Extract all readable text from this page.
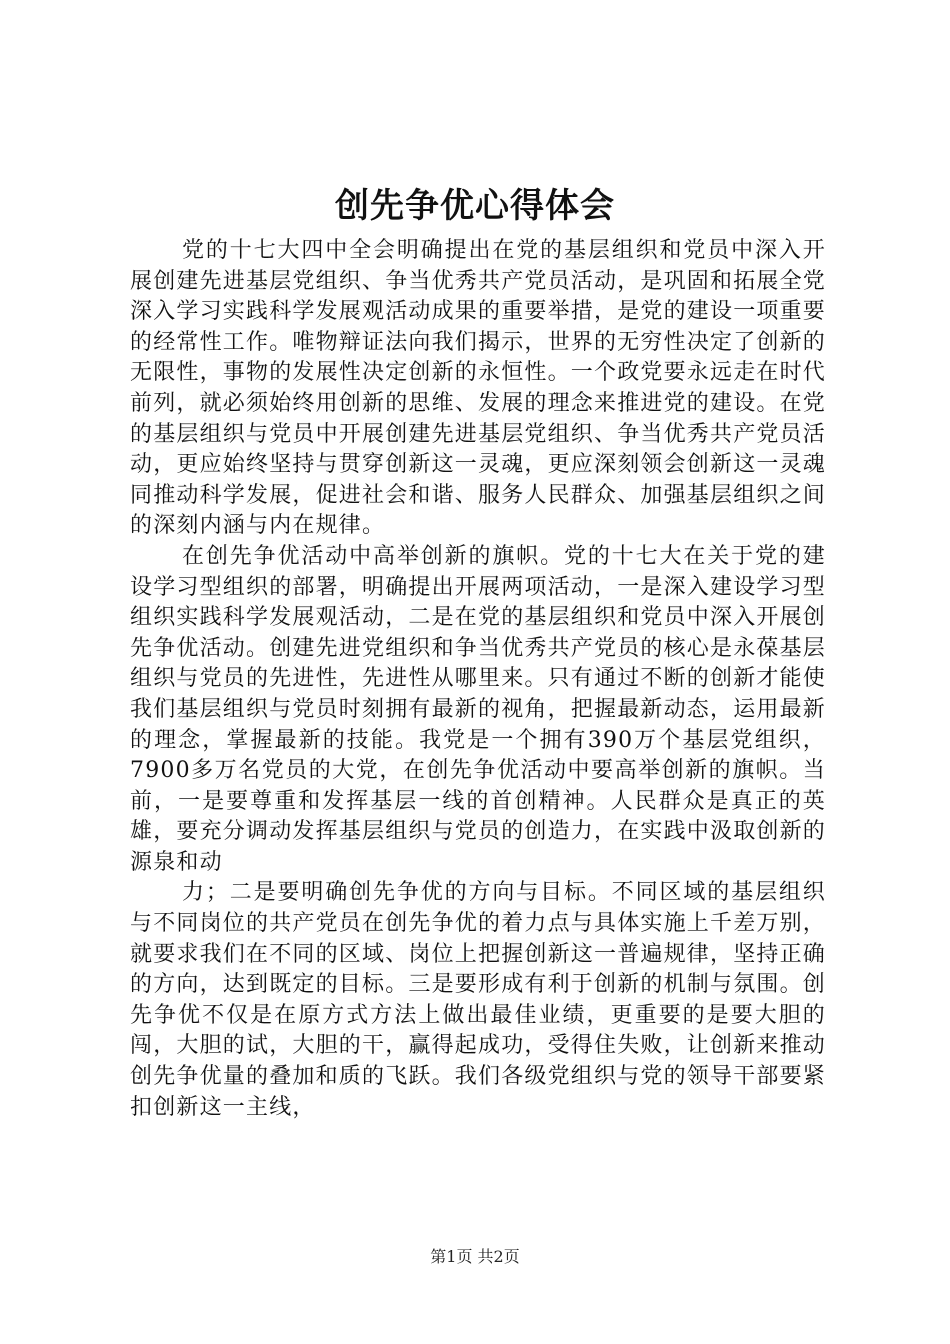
创先争优心得体会

党的十七大四中全会明确提出在党的基层组织和党员中深入开展创建先进基层党组织、争当优秀共产党员活动，是巩固和拓展全党深入学习实践科学发展观活动成果的重要举措，是党的建设一项重要的经常性工作。唯物辩证法向我们揭示，世界的无穷性决定了创新的无限性，事物的发展性决定创新的永恒性。一个政党要永远走在时代前列，就必须始终用创新的思维、发展的理念来推进党的建设。在党的基层组织与党员中开展创建先进基层党组织、争当优秀共产党员活动，更应始终坚持与贯穿创新这一灵魂，更应深刻领会创新这一灵魂同推动科学发展，促进社会和谐、服务人民群众、加强基层组织之间的深刻内涵与内在规律。

在创先争优活动中高举创新的旗帜。党的十七大在关于党的建设学习型组织的部署，明确提出开展两项活动，一是深入建设学习型组织实践科学发展观活动，二是在党的基层组织和党员中深入开展创先争优活动。创建先进党组织和争当优秀共产党员的核心是永葆基层组织与党员的先进性，先进性从哪里来。只有通过不断的创新才能使我们基层组织与党员时刻拥有最新的视角，把握最新动态，运用最新的理念，掌握最新的技能。我党是一个拥有390万个基层党组织，7900多万名党员的大党，在创先争优活动中要高举创新的旗帜。当前，一是要尊重和发挥基层一线的首创精神。人民群众是真正的英雄，要充分调动发挥基层组织与党员的创造力，在实践中汲取创新的源泉和动

力；二是要明确创先争优的方向与目标。不同区域的基层组织与不同岗位的共产党员在创先争优的着力点与具体实施上千差万别，就要求我们在不同的区域、岗位上把握创新这一普遍规律，坚持正确的方向，达到既定的目标。三是要形成有利于创新的机制与氛围。创先争优不仅是在原方式方法上做出最佳业绩，更重要的是要大胆的闯，大胆的试，大胆的干，赢得起成功，受得住失败，让创新来推动创先争优量的叠加和质的飞跃。我们各级党组织与党的领导干部要紧扣创新这一主线，

第1页 共2页
